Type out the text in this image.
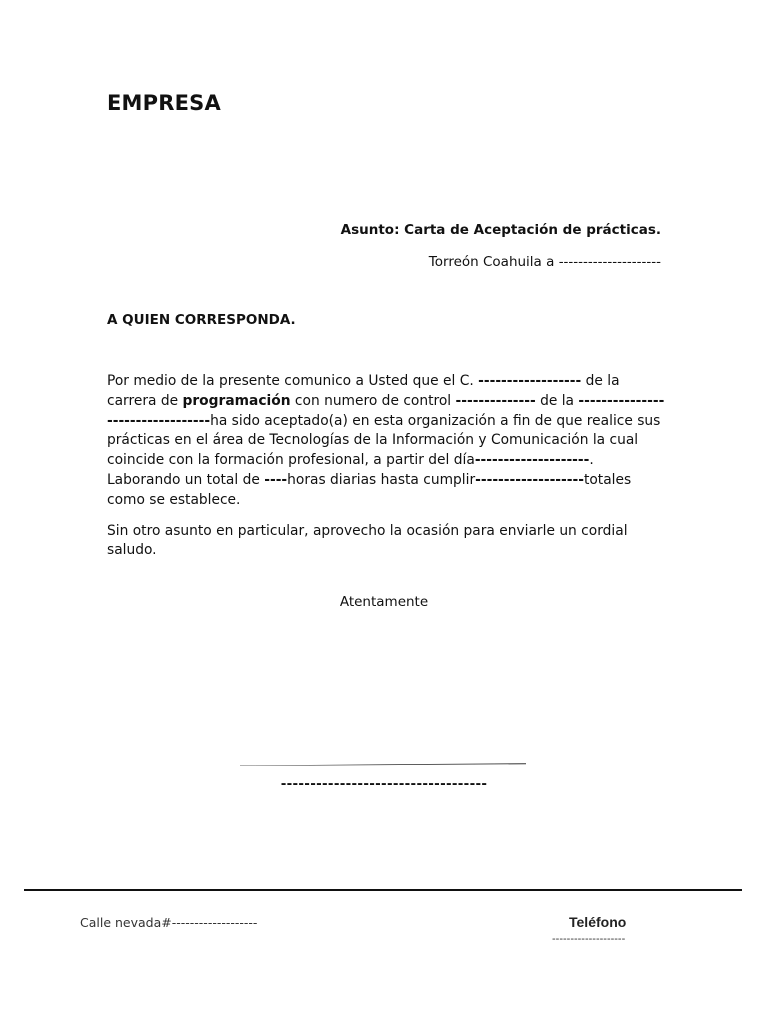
EMPRESA
Asunto: Carta de Aceptación de prácticas.
Torreón Coahuila a ---------------------
A QUIEN CORRESPONDA.

Por medio de la presente comunico a Usted que el C. ------------------ de la carrera de programación con numero de control -------------- de la ---------------------------------ha sido aceptado(a) en esta organización a fin de que realice sus prácticas en el área de Tecnologías de la Información y Comunicación la cual coincide con la formación profesional, a partir del día--------------------. Laborando un total de ----horas diarias hasta cumplir-------------------totales como se establece.

Sin otro asunto en particular, aprovecho la ocasión para enviarle un cordial saludo.

Atentamente
-----------------------------------
Calle nevada#-------------------	Teléfono
--------------------
